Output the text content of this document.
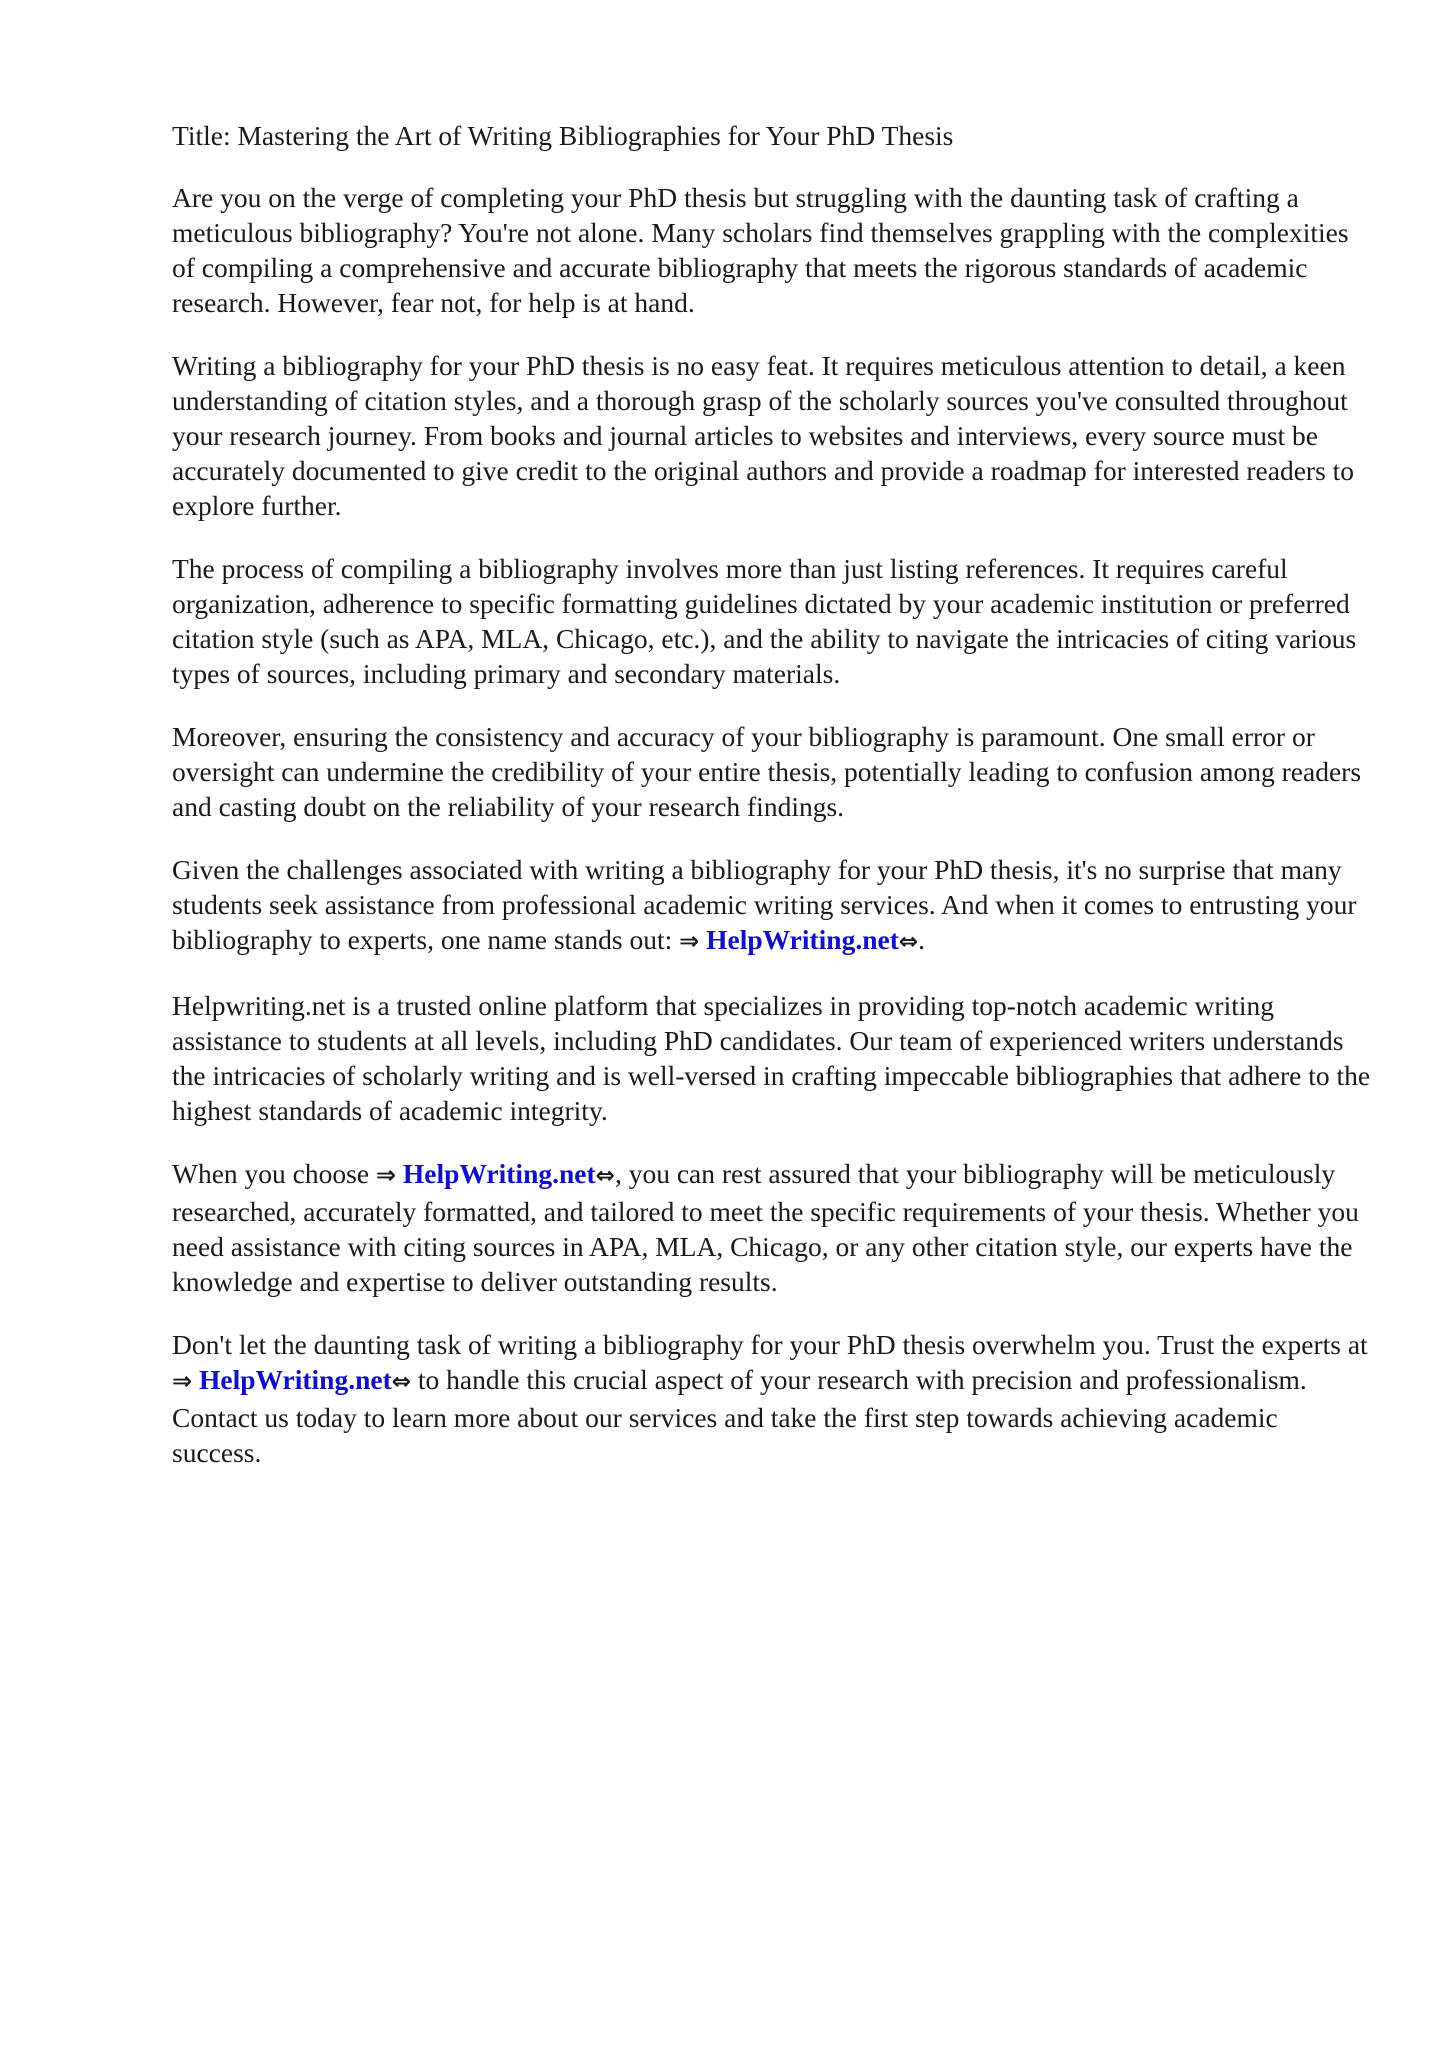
Title: Mastering the Art of Writing Bibliographies for Your PhD Thesis

Are you on the verge of completing your PhD thesis but struggling with the daunting task of crafting a meticulous bibliography? You're not alone. Many scholars find themselves grappling with the complexities of compiling a comprehensive and accurate bibliography that meets the rigorous standards of academic research. However, fear not, for help is at hand.

Writing a bibliography for your PhD thesis is no easy feat. It requires meticulous attention to detail, a keen understanding of citation styles, and a thorough grasp of the scholarly sources you've consulted throughout your research journey. From books and journal articles to websites and interviews, every source must be accurately documented to give credit to the original authors and provide a roadmap for interested readers to explore further.

The process of compiling a bibliography involves more than just listing references. It requires careful organization, adherence to specific formatting guidelines dictated by your academic institution or preferred citation style (such as APA, MLA, Chicago, etc.), and the ability to navigate the intricacies of citing various types of sources, including primary and secondary materials.

Moreover, ensuring the consistency and accuracy of your bibliography is paramount. One small error or oversight can undermine the credibility of your entire thesis, potentially leading to confusion among readers and casting doubt on the reliability of your research findings.

Given the challenges associated with writing a bibliography for your PhD thesis, it's no surprise that many students seek assistance from professional academic writing services. And when it comes to entrusting your bibliography to experts, one name stands out: ⇒ HelpWriting.net⇔.

Helpwriting.net is a trusted online platform that specializes in providing top-notch academic writing assistance to students at all levels, including PhD candidates. Our team of experienced writers understands the intricacies of scholarly writing and is well-versed in crafting impeccable bibliographies that adhere to the highest standards of academic integrity.

When you choose ⇒ HelpWriting.net⇔, you can rest assured that your bibliography will be meticulously researched, accurately formatted, and tailored to meet the specific requirements of your thesis. Whether you need assistance with citing sources in APA, MLA, Chicago, or any other citation style, our experts have the knowledge and expertise to deliver outstanding results.

Don't let the daunting task of writing a bibliography for your PhD thesis overwhelm you. Trust the experts at ⇒ HelpWriting.net⇔ to handle this crucial aspect of your research with precision and professionalism. Contact us today to learn more about our services and take the first step towards achieving academic success.
